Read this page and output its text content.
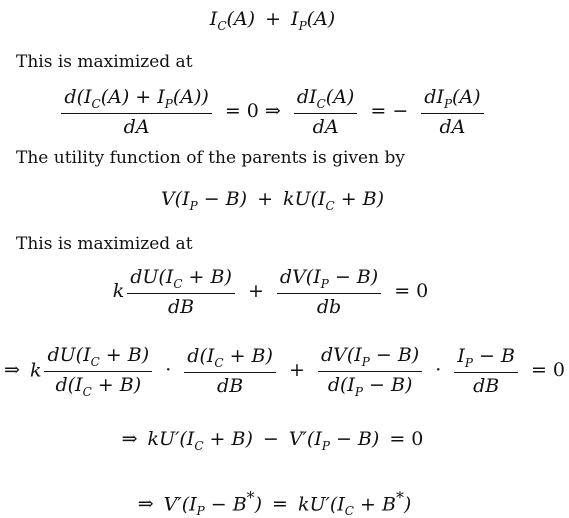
$I_C(A) + I_P(A)$
This is maximized at
$\frac{d(I_C(A) + I_P(A))}{dA} = 0$ ⇒ $\frac{dI_C(A)}{dA}$ = − $\frac{dI_P(A)}{dA}$
The utility function of the parents is given by
$V(I_P - B) + kU(I_C + B)$
This is maximized at
k $\frac{dU(I_C + B)}{dB} + \frac{dV(I_P - B)}{db} = 0$
⇒ k $\frac{dU(I_C + B)}{d(I_C + B)} \cdot \frac{d(I_C + B)}{dB} + \frac{dV(I_P - B)}{d(I_P - B)} \cdot \frac{I_P - B}{dB} = 0$
⇒ $kU'(I_C + B) - V'(I_P - B) = 0$
⇒ $V'(I_P - B^*) = kU'(I_C + B^*)$
